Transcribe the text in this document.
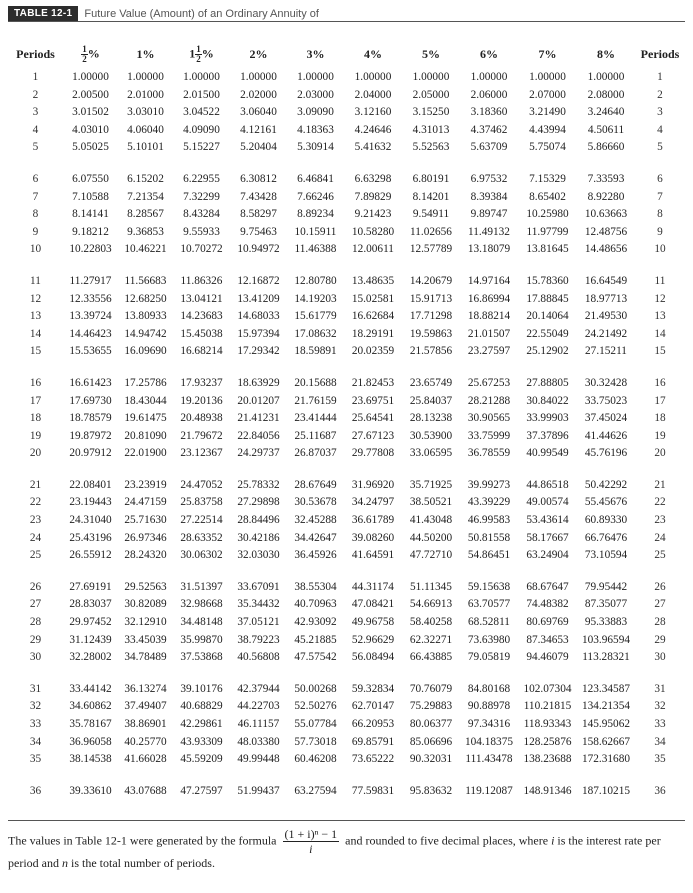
TABLE 12-1	Future Value (Amount) of an Ordinary Annuity of
Periods	$\frac{1}{2}$ %	1%	$1 \frac{1}{2}$ %	2%	3%	4%	5%	6%	7%	8%	Periods
1	1.00000	1.00000	1.00000	1.00000	1.00000	1.00000	1.00000	1.00000	1.00000	1.00000	1
2	2.00500	2.01000	2.01500	2.02000	2.03000	2.04000	2.05000	2.06000	2.07000	2.08000	2
3	3.01502	3.03010	3.04522	3.06040	3.09090	3.12160	3.15250	3.18360	3.21490	3.24640	3
4	4.03010	4.06040	4.09090	4.12161	4.18363	4.24646	4.31013	4.37462	4.43994	4.50611	4
5	5.05025	5.10101	5.15227	5.20404	5.30914	5.41632	5.52563	5.63709	5.75074	5.86660	5

6	6.07550	6.15202	6.22955	6.30812	6.46841	6.63298	6.80191	6.97532	7.15329	7.33593	6
7	7.10588	7.21354	7.32299	7.43428	7.66246	7.89829	8.14201	8.39384	8.65402	8.92280	7
8	8.14141	8.28567	8.43284	8.58297	8.89234	9.21423	9.54911	9.89747	10.25980	10.63663	8
9	9.18212	9.36853	9.55933	9.75463	10.15911	10.58280	11.02656	11.49132	11.97799	12.48756	9
10	10.22803	10.46221	10.70272	10.94972	11.46388	12.00611	12.57789	13.18079	13.81645	14.48656	10

11	11.27917	11.56683	11.86326	12.16872	12.80780	13.48635	14.20679	14.97164	15.78360	16.64549	11
12	12.33556	12.68250	13.04121	13.41209	14.19203	15.02581	15.91713	16.86994	17.88845	18.97713	12
13	13.39724	13.80933	14.23683	14.68033	15.61779	16.62684	17.71298	18.88214	20.14064	21.49530	13
14	14.46423	14.94742	15.45038	15.97394	17.08632	18.29191	19.59863	21.01507	22.55049	24.21492	14
15	15.53655	16.09690	16.68214	17.29342	18.59891	20.02359	21.57856	23.27597	25.12902	27.15211	15

16	16.61423	17.25786	17.93237	18.63929	20.15688	21.82453	23.65749	25.67253	27.88805	30.32428	16
17	17.69730	18.43044	19.20136	20.01207	21.76159	23.69751	25.84037	28.21288	30.84022	33.75023	17
18	18.78579	19.61475	20.48938	21.41231	23.41444	25.64541	28.13238	30.90565	33.99903	37.45024	18
19	19.87972	20.81090	21.79672	22.84056	25.11687	27.67123	30.53900	33.75999	37.37896	41.44626	19
20	20.97912	22.01900	23.12367	24.29737	26.87037	29.77808	33.06595	36.78559	40.99549	45.76196	20

21	22.08401	23.23919	24.47052	25.78332	28.67649	31.96920	35.71925	39.99273	44.86518	50.42292	21
22	23.19443	24.47159	25.83758	27.29898	30.53678	34.24797	38.50521	43.39229	49.00574	55.45676	22
23	24.31040	25.71630	27.22514	28.84496	32.45288	36.61789	41.43048	46.99583	53.43614	60.89330	23
24	25.43196	26.97346	28.63352	30.42186	34.42647	39.08260	44.50200	50.81558	58.17667	66.76476	24
25	26.55912	28.24320	30.06302	32.03030	36.45926	41.64591	47.72710	54.86451	63.24904	73.10594	25

26	27.69191	29.52563	31.51397	33.67091	38.55304	44.31174	51.11345	59.15638	68.67647	79.95442	26
27	28.83037	30.82089	32.98668	35.34432	40.70963	47.08421	54.66913	63.70577	74.48382	87.35077	27
28	29.97452	32.12910	34.48148	37.05121	42.93092	49.96758	58.40258	68.52811	80.69769	95.33883	28
29	31.12439	33.45039	35.99870	38.79223	45.21885	52.96629	62.32271	73.63980	87.34653	103.96594	29
30	32.28002	34.78489	37.53868	40.56808	47.57542	56.08494	66.43885	79.05819	94.46079	113.28321	30

31	33.44142	36.13274	39.10176	42.37944	50.00268	59.32834	70.76079	84.80168	102.07304	123.34587	31
32	34.60862	37.49407	40.68829	44.22703	52.50276	62.70147	75.29883	90.88978	110.21815	134.21354	32
33	35.78167	38.86901	42.29861	46.11157	55.07784	66.20953	80.06377	97.34316	118.93343	145.95062	33
34	36.96058	40.25770	43.93309	48.03380	57.73018	69.85791	85.06696	104.18375	128.25876	158.62667	34
35	38.14538	41.66028	45.59209	49.99448	60.46208	73.65222	90.32031	111.43478	138.23688	172.31680	35

36	39.33610	43.07688	47.27597	51.99437	63.27594	77.59831	95.83632	119.12087	148.91346	187.10215	36
The values in Table 12-1 were generated by the formula $\frac{\text{(1 + i)ⁿ − 1}}{i}$ and rounded to five decimal places, where i is the interest rate per period and n is the total number of periods.
